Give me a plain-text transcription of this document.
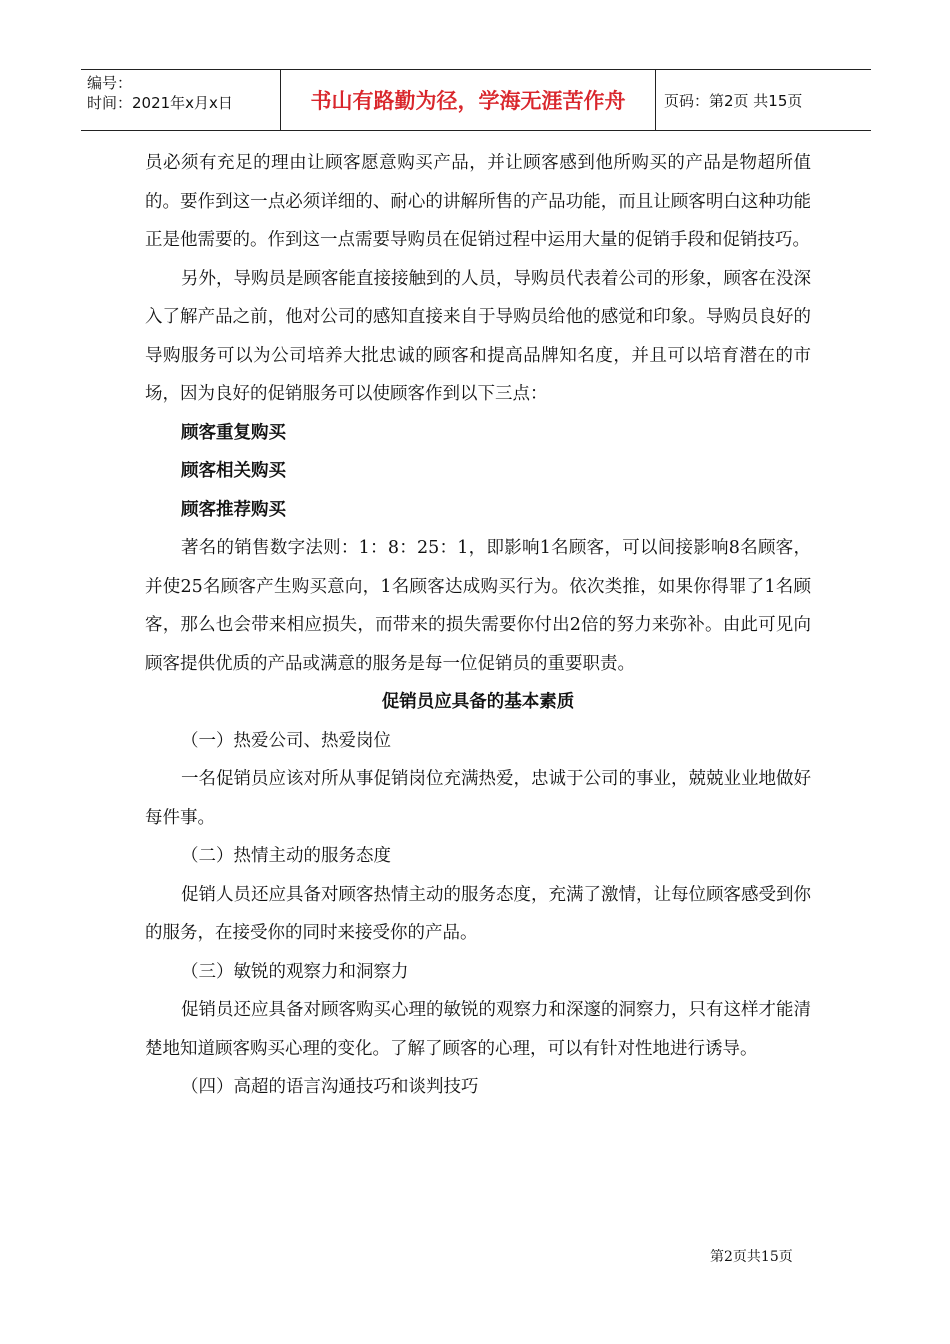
编号：
时间：2021年x月x日	书山有路勤为径，学海无涯苦作舟	页码：第2页 共15页

员必须有充足的理由让顾客愿意购买产品，并让顾客感到他所购买的产品是物超所值的。要作到这一点必须详细的、耐心的讲解所售的产品功能，而且让顾客明白这种功能正是他需要的。作到这一点需要导购员在促销过程中运用大量的促销手段和促销技巧。

另外，导购员是顾客能直接接触到的人员，导购员代表着公司的形象，顾客在没深入了解产品之前，他对公司的感知直接来自于导购员给他的感觉和印象。导购员良好的导购服务可以为公司培养大批忠诚的顾客和提高品牌知名度，并且可以培育潜在的市场，因为良好的促销服务可以使顾客作到以下三点：

顾客重复购买

顾客相关购买

顾客推荐购买

著名的销售数字法则：1：8：25：1，即影响1名顾客，可以间接影响8名顾客，并使25名顾客产生购买意向，1名顾客达成购买行为。依次类推，如果你得罪了1名顾客，那么也会带来相应损失，而带来的损失需要你付出2倍的努力来弥补。由此可见向顾客提供优质的产品或满意的服务是每一位促销员的重要职责。

促销员应具备的基本素质

（一）热爱公司、热爱岗位

一名促销员应该对所从事促销岗位充满热爱，忠诚于公司的事业，兢兢业业地做好每件事。

（二）热情主动的服务态度

促销人员还应具备对顾客热情主动的服务态度，充满了激情，让每位顾客感受到你的服务，在接受你的同时来接受你的产品。

（三）敏锐的观察力和洞察力

促销员还应具备对顾客购买心理的敏锐的观察力和深邃的洞察力，只有这样才能清楚地知道顾客购买心理的变化。了解了顾客的心理，可以有针对性地进行诱导。

（四）高超的语言沟通技巧和谈判技巧

第2页共15页
